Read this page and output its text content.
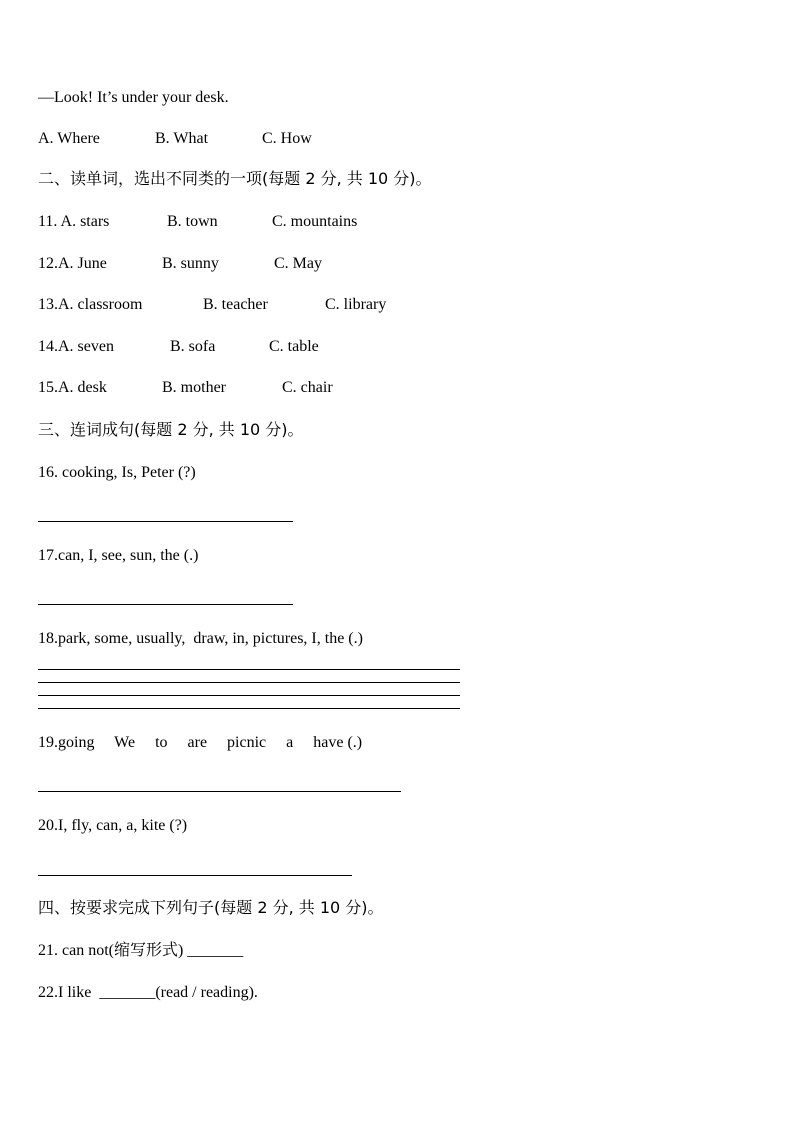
—Look! It’s under your desk.
A. Where	B. What	C. How
二、读单词，选出不同类的一项(每题 2 分, 共 10 分)。
11. A. stars	B. town	C. mountains
12.A. June	B. sunny	C. May
13.A. classroom	B. teacher	C. library
14.A. seven	B. sofa	C. table
15.A. desk	B. mother	C. chair
三、连词成句(每题 2 分, 共 10 分)。
16. cooking, Is, Peter (?)
17.can, I, see, sun, the (.)
18.park, some, usually,  draw, in, pictures, I, the (.)
19.going     We     to     are     picnic     a     have (.)
20.I, fly, can, a, kite (?)
四、按要求完成下列句子(每题 2 分, 共 10 分)。
21. can not(缩写形式) _______
22.I like  _______(read / reading).
